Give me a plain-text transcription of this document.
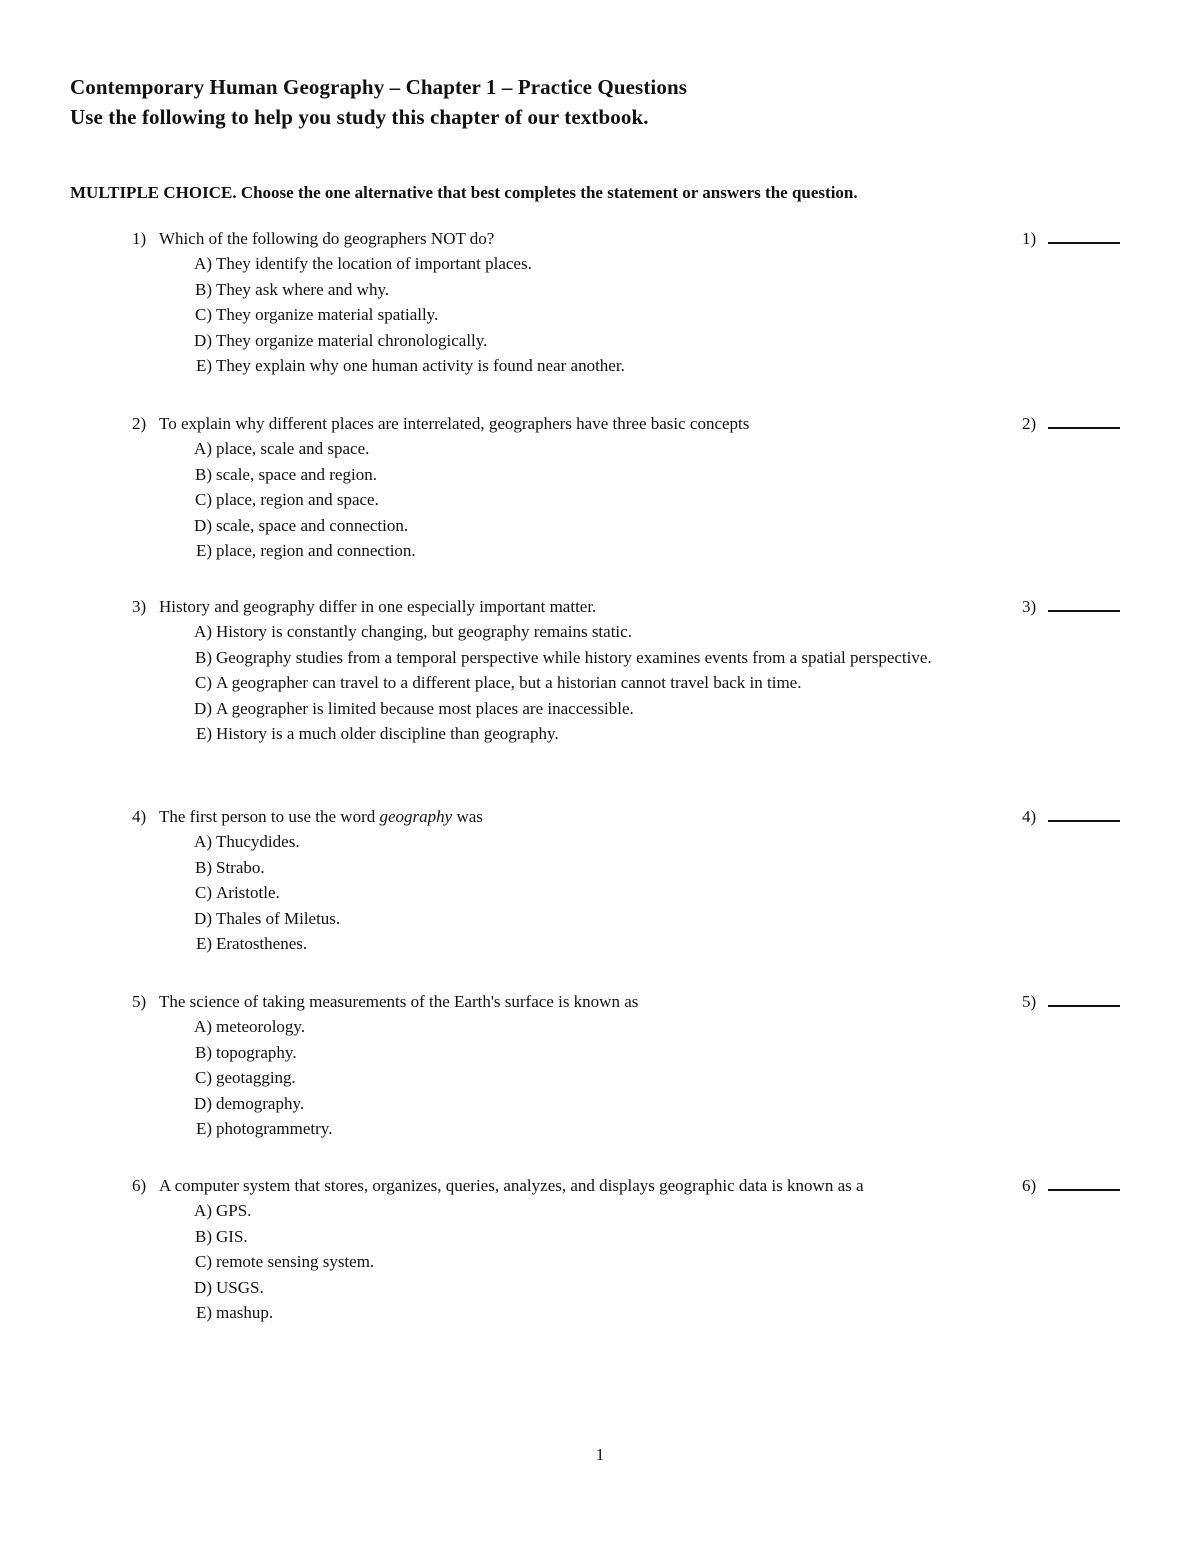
Contemporary Human Geography – Chapter 1 – Practice Questions
Use the following to help you study this chapter of our textbook.
MULTIPLE CHOICE. Choose the one alternative that best completes the statement or answers the question.
1) Which of the following do geographers NOT do?	1)
A) They identify the location of important places.
B) They ask where and why.
C) They organize material spatially.
D) They organize material chronologically.
E) They explain why one human activity is found near another.
2) To explain why different places are interrelated, geographers have three basic concepts	2)
A) place, scale and space.
B) scale, space and region.
C) place, region and space.
D) scale, space and connection.
E) place, region and connection.
3) History and geography differ in one especially important matter.	3)
A) History is constantly changing, but geography remains static.
B) Geography studies from a temporal perspective while history examines events from a spatial perspective.
C) A geographer can travel to a different place, but a historian cannot travel back in time.
D) A geographer is limited because most places are inaccessible.
E) History is a much older discipline than geography.
4) The first person to use the word geography was	4)
A) Thucydides.
B) Strabo.
C) Aristotle.
D) Thales of Miletus.
E) Eratosthenes.
5) The science of taking measurements of the Earth's surface is known as	5)
A) meteorology.
B) topography.
C) geotagging.
D) demography.
E) photogrammetry.
6) A computer system that stores, organizes, queries, analyzes, and displays geographic data is known as a	6)
A) GPS.
B) GIS.
C) remote sensing system.
D) USGS.
E) mashup.
1
